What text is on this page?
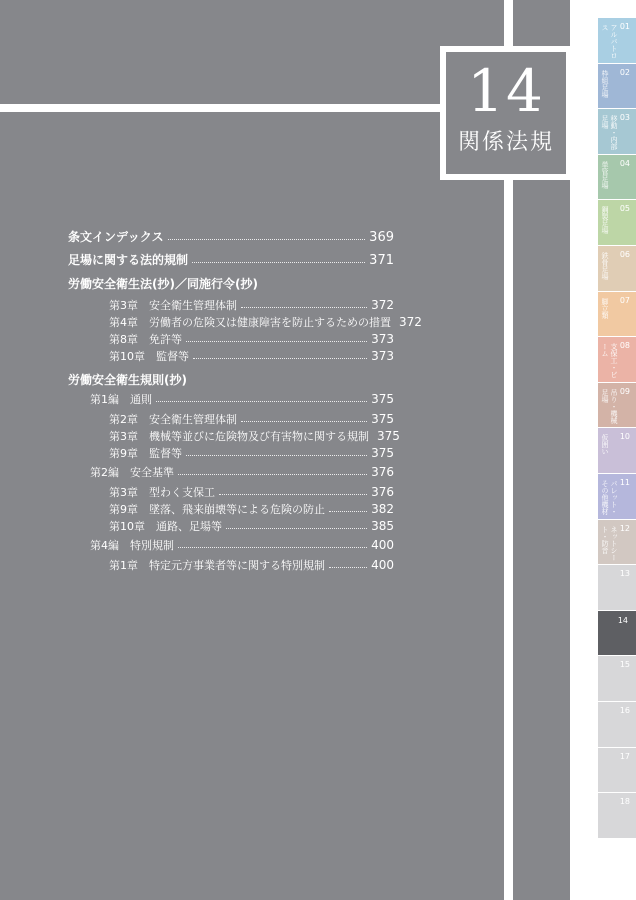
14
関係法規
条文インデックス	369
足場に関する法的規制	371
労働安全衛生法(抄)／同施行令(抄)
第3章　安全衛生管理体制	372
第4章　労働者の危険又は健康障害を防止するための措置 372
第8章　免許等	373
第10章　監督等	373
労働安全衛生規則(抄)
第1編　通則	375
第2章　安全衛生管理体制	375
第3章　機械等並びに危険物及び有害物に関する規制 375
第9章　監督等	375
第2編　安全基準	376
第3章　型わく支保工	376
第9章　墜落、飛来崩壊等による危険の防止	382
第10章　通路、足場等	385
第4編　特別規制	400
第1章　特定元方事業者等に関する特別規制	400
01
アルバトロス
02
枠組足場
03
移動・内部足場
04
単管足場
05
鋼製足場
06
鉄骨足場
07
脚立類
08
支保工・ビーム
09
吊り・機械足場
10
仮囲い
11
パレット・その他機材
12
ネットシート・防音
13
14
15
16
17
18
